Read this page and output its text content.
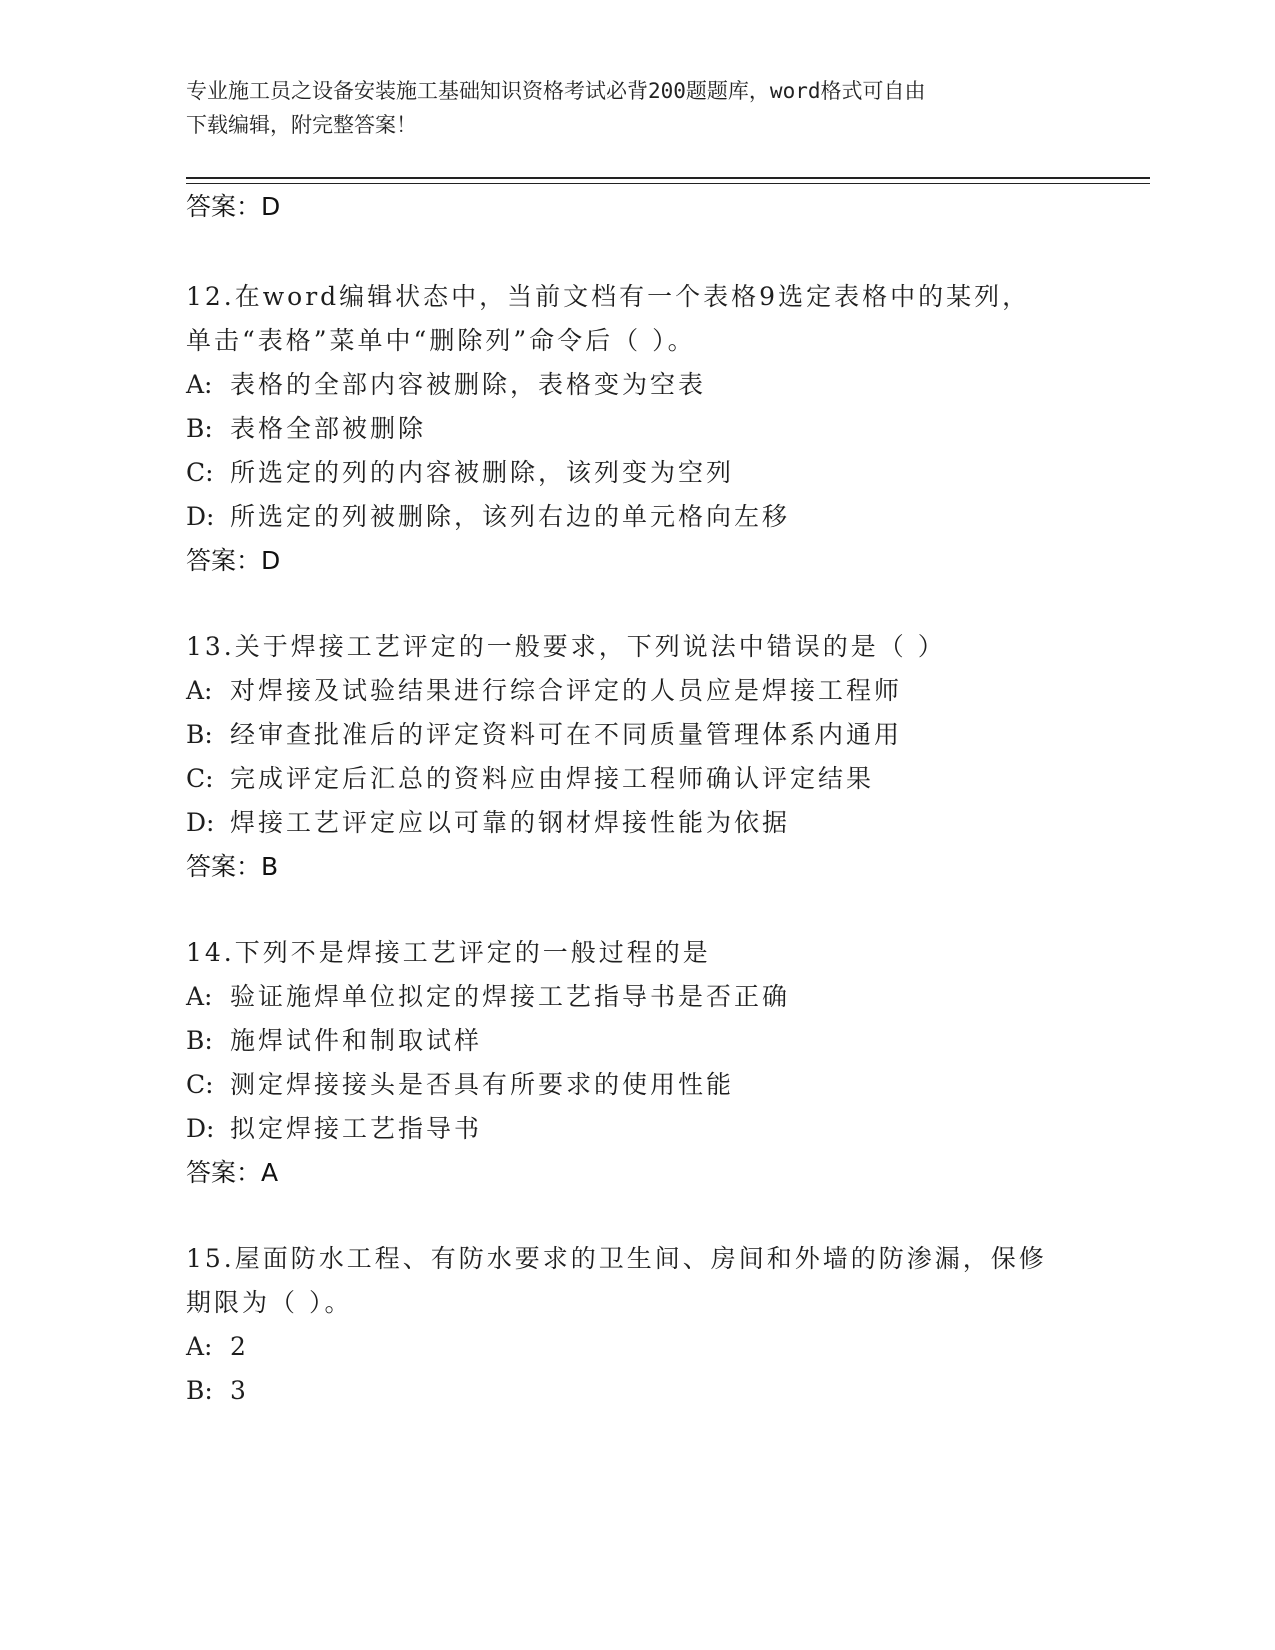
专业施工员之设备安装施工基础知识资格考试必背200题题库，word格式可自由
下载编辑，附完整答案！
答案：D
12.在word编辑状态中，当前文档有一个表格9选定表格中的某列，
单击“表格”菜单中“删除列”命令后（ ）。
A: 表格的全部内容被删除，表格变为空表
B: 表格全部被删除
C: 所选定的列的内容被删除，该列变为空列
D: 所选定的列被删除，该列右边的单元格向左移
答案：D
13.关于焊接工艺评定的一般要求，下列说法中错误的是（ ）
A: 对焊接及试验结果进行综合评定的人员应是焊接工程师
B: 经审查批准后的评定资料可在不同质量管理体系内通用
C: 完成评定后汇总的资料应由焊接工程师确认评定结果
D: 焊接工艺评定应以可靠的钢材焊接性能为依据
答案：B
14.下列不是焊接工艺评定的一般过程的是
A: 验证施焊单位拟定的焊接工艺指导书是否正确
B: 施焊试件和制取试样
C: 测定焊接接头是否具有所要求的使用性能
D: 拟定焊接工艺指导书
答案：A
15.屋面防水工程、有防水要求的卫生间、房间和外墙的防渗漏，保修
期限为（ ）。
A: 2
B: 3
